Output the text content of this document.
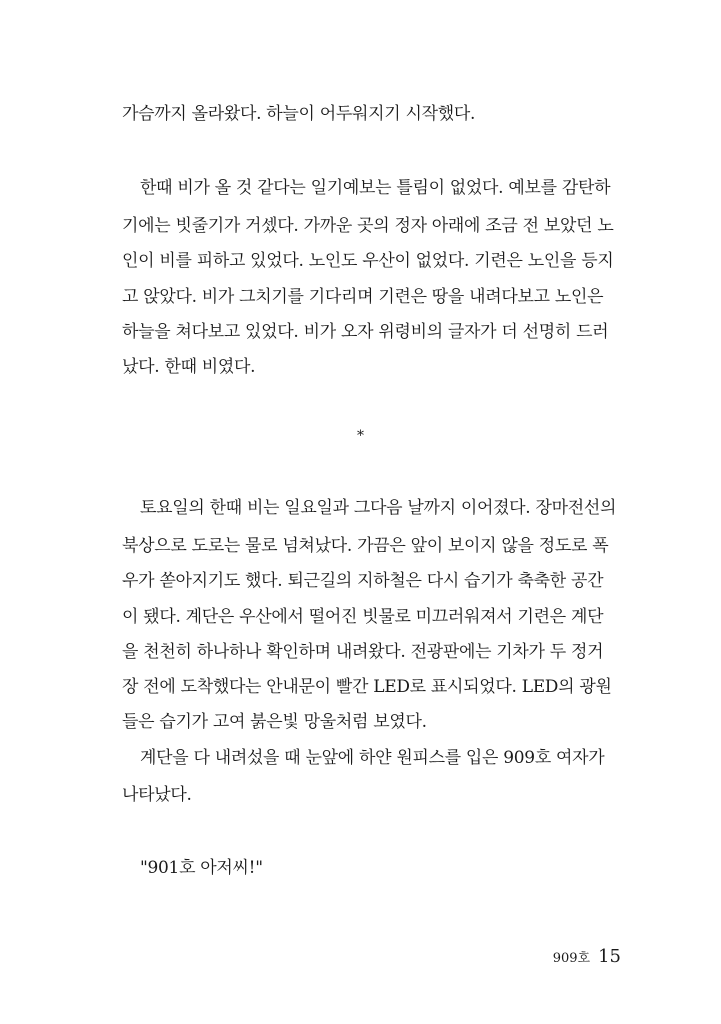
가슴까지 올라왔다. 하늘이 어두워지기 시작했다.
한때 비가 올 것 같다는 일기예보는 틀림이 없었다. 예보를 감탄하
기에는 빗줄기가 거셌다. 가까운 곳의 정자 아래에 조금 전 보았던 노
인이 비를 피하고 있었다. 노인도 우산이 없었다. 기련은 노인을 등지
고 앉았다. 비가 그치기를 기다리며 기련은 땅을 내려다보고 노인은
하늘을 쳐다보고 있었다. 비가 오자 위령비의 글자가 더 선명히 드러
났다. 한때 비였다.
*
토요일의 한때 비는 일요일과 그다음 날까지 이어졌다. 장마전선의
북상으로 도로는 물로 넘쳐났다. 가끔은 앞이 보이지 않을 정도로 폭
우가 쏟아지기도 했다. 퇴근길의 지하철은 다시 습기가 축축한 공간
이 됐다. 계단은 우산에서 떨어진 빗물로 미끄러워져서 기련은 계단
을 천천히 하나하나 확인하며 내려왔다. 전광판에는 기차가 두 정거
장 전에 도착했다는 안내문이 빨간 LED로 표시되었다. LED의 광원
들은 습기가 고여 붉은빛 망울처럼 보였다.
계단을 다 내려섰을 때 눈앞에 하얀 원피스를 입은 909호 여자가
나타났다.
"901호 아저씨!"
909호 15
